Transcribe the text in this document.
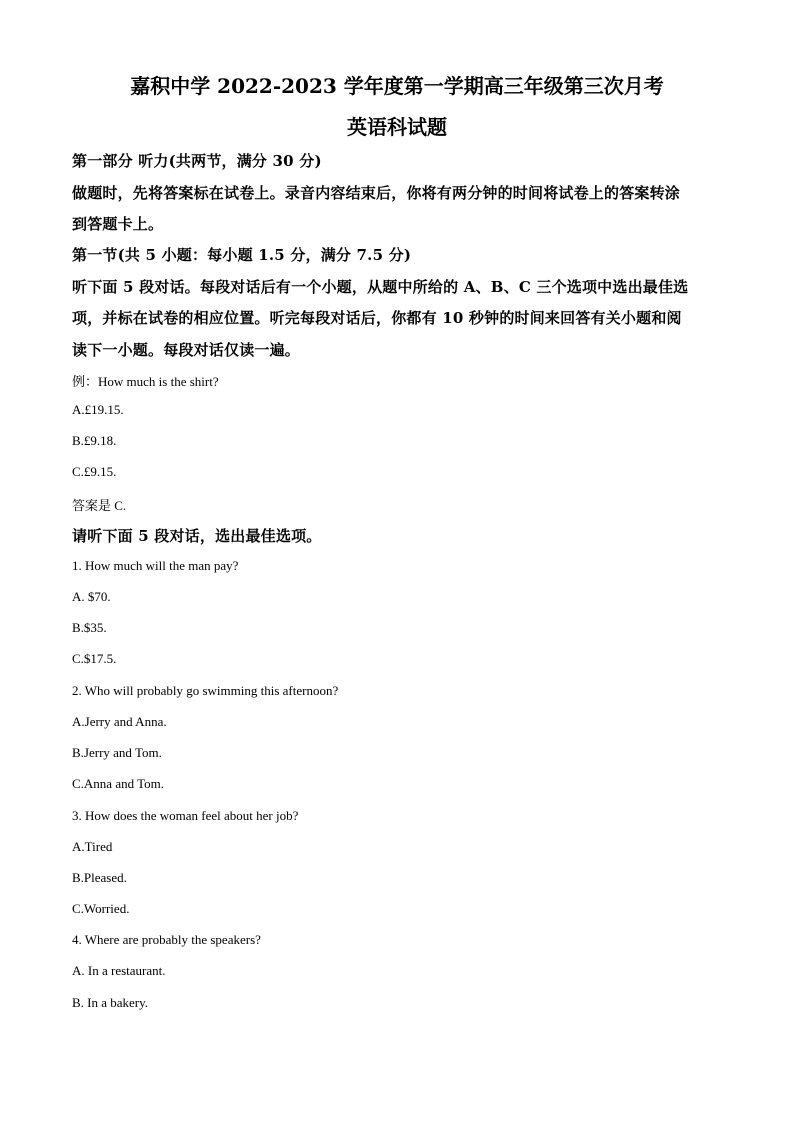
嘉积中学 2022-2023 学年度第一学期高三年级第三次月考
英语科试题
第一部分 听力(共两节，满分 30 分)
做题时，先将答案标在试卷上。录音内容结束后，你将有两分钟的时间将试卷上的答案转涂
到答题卡上。
第一节(共 5 小题：每小题 1.5 分，满分 7.5 分)
听下面 5 段对话。每段对话后有一个小题，从题中所给的 A、B、C 三个选项中选出最佳选
项，并标在试卷的相应位置。听完每段对话后，你都有 10 秒钟的时间来回答有关小题和阅
读下一小题。每段对话仅读一遍。
例：How much is the shirt?
A.£19.15.
B.£9.18.
C.£9.15.
答案是 C.
请听下面 5 段对话，选出最佳选项。
1. How much will the man pay?
A. $70.
B.$35.
C.$17.5.
2. Who will probably go swimming this afternoon?
A.Jerry and Anna.
B.Jerry and Tom.
C.Anna and Tom.
3. How does the woman feel about her job?
A.Tired
B.Pleased.
C.Worried.
4. Where are probably the speakers?
A. In a restaurant.
B. In a bakery.
